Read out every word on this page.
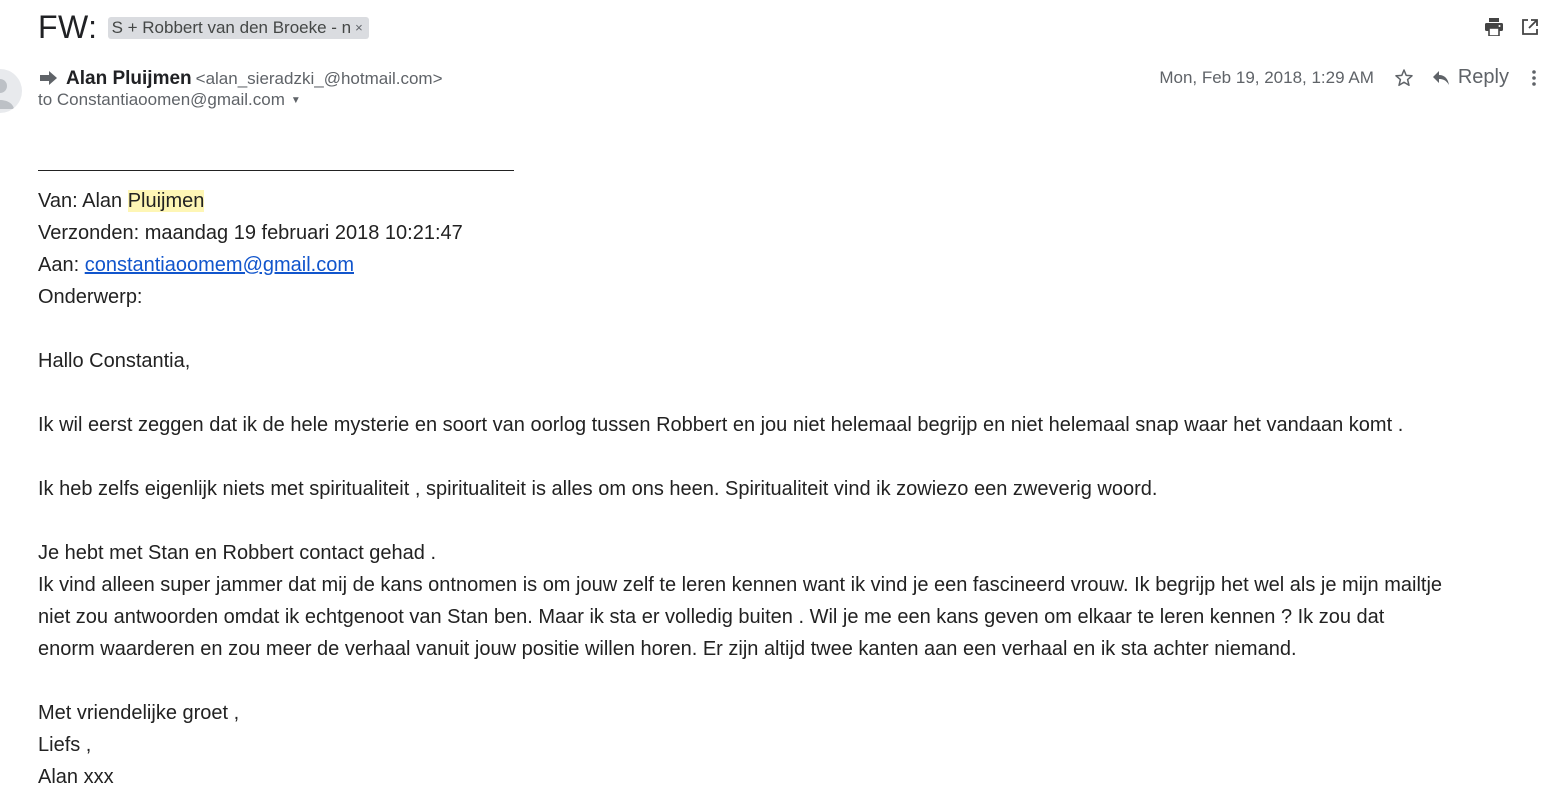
FW: S + Robbert van den Broeke - n ×
Alan Pluijmen <alan_sieradzki_@hotmail.com>
to Constantiaoomen@gmail.com ▼
Mon, Feb 19, 2018, 1:29 AM	Reply

Van: Alan Pluijmen

Verzonden: maandag 19 februari 2018 10:21:47

Aan: constantiaoomem@gmail.com

Onderwerp:

Hallo Constantia,

Ik wil eerst zeggen dat ik de hele mysterie en soort van oorlog tussen Robbert en jou niet helemaal begrijp en niet helemaal snap waar het vandaan komt .

Ik heb zelfs eigenlijk niets met spiritualiteit , spiritualiteit is alles om ons heen. Spiritualiteit vind ik zowiezo een zweverig woord.

Je hebt met Stan en Robbert contact gehad .

Ik vind alleen super jammer dat mij de kans ontnomen is om jouw zelf te leren kennen want ik vind je een fascineerd vrouw. Ik begrijp het wel als je mijn mailtje

niet zou antwoorden omdat ik echtgenoot van Stan ben. Maar ik sta er volledig buiten . Wil je me een kans geven om elkaar te leren kennen ? Ik zou dat

enorm waarderen en zou meer de verhaal vanuit jouw positie willen horen. Er zijn altijd twee kanten aan een verhaal en ik sta achter niemand.

Met vriendelijke groet ,

Liefs ,

Alan xxx
